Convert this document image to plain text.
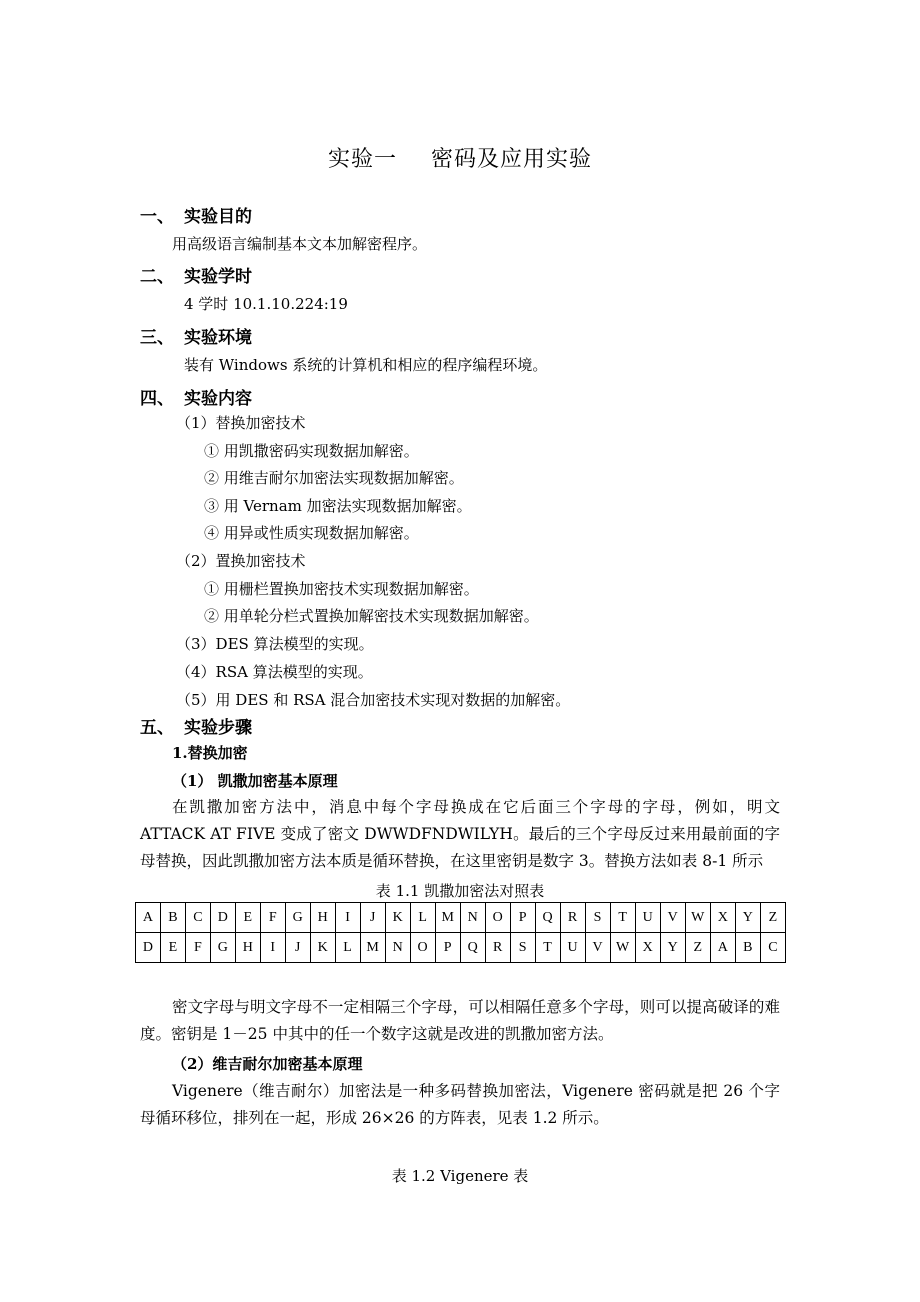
实验一 密码及应用实验
一、 实验目的
用高级语言编制基本文本加解密程序。
二、 实验学时
4 学时 10.1.10.224:19
三、 实验环境
装有 Windows 系统的计算机和相应的程序编程环境。
四、 实验内容
（1）替换加密技术
① 用凯撒密码实现数据加解密。
② 用维吉耐尔加密法实现数据加解密。
③ 用 Vernam 加密法实现数据加解密。
④ 用异或性质实现数据加解密。
（2）置换加密技术
① 用栅栏置换加密技术实现数据加解密。
② 用单轮分栏式置换加解密技术实现数据加解密。
（3）DES 算法模型的实现。
（4）RSA 算法模型的实现。
（5）用 DES 和 RSA 混合加密技术实现对数据的加解密。
五、 实验步骤
1.替换加密
（1） 凯撒加密基本原理
在凯撒加密方法中，消息中每个字母换成在它后面三个字母的字母，例如，明文 ATTACK AT FIVE 变成了密文 DWWDFNDWILYH。最后的三个字母反过来用最前面的字母替换，因此凯撒加密方法本质是循环替换，在这里密钥是数字 3。替换方法如表 8-1 所示
表 1.1 凯撒加密法对照表
A	B	C	D	E	F	G	H	I	J	K	L	M	N	O	P	Q	R	S	T	U	V	W	X	Y	Z
D	E	F	G	H	I	J	K	L	M	N	O	P	Q	R	S	T	U	V	W	X	Y	Z	A	B	C
密文字母与明文字母不一定相隔三个字母，可以相隔任意多个字母，则可以提高破译的难度。密钥是 1－25 中其中的任一个数字这就是改进的凯撒加密方法。
（2）维吉耐尔加密基本原理
Vigenere（维吉耐尔）加密法是一种多码替换加密法，Vigenere 密码就是把 26 个字母循环移位，排列在一起，形成 26×26 的方阵表，见表 1.2 所示。
表 1.2 Vigenere 表
